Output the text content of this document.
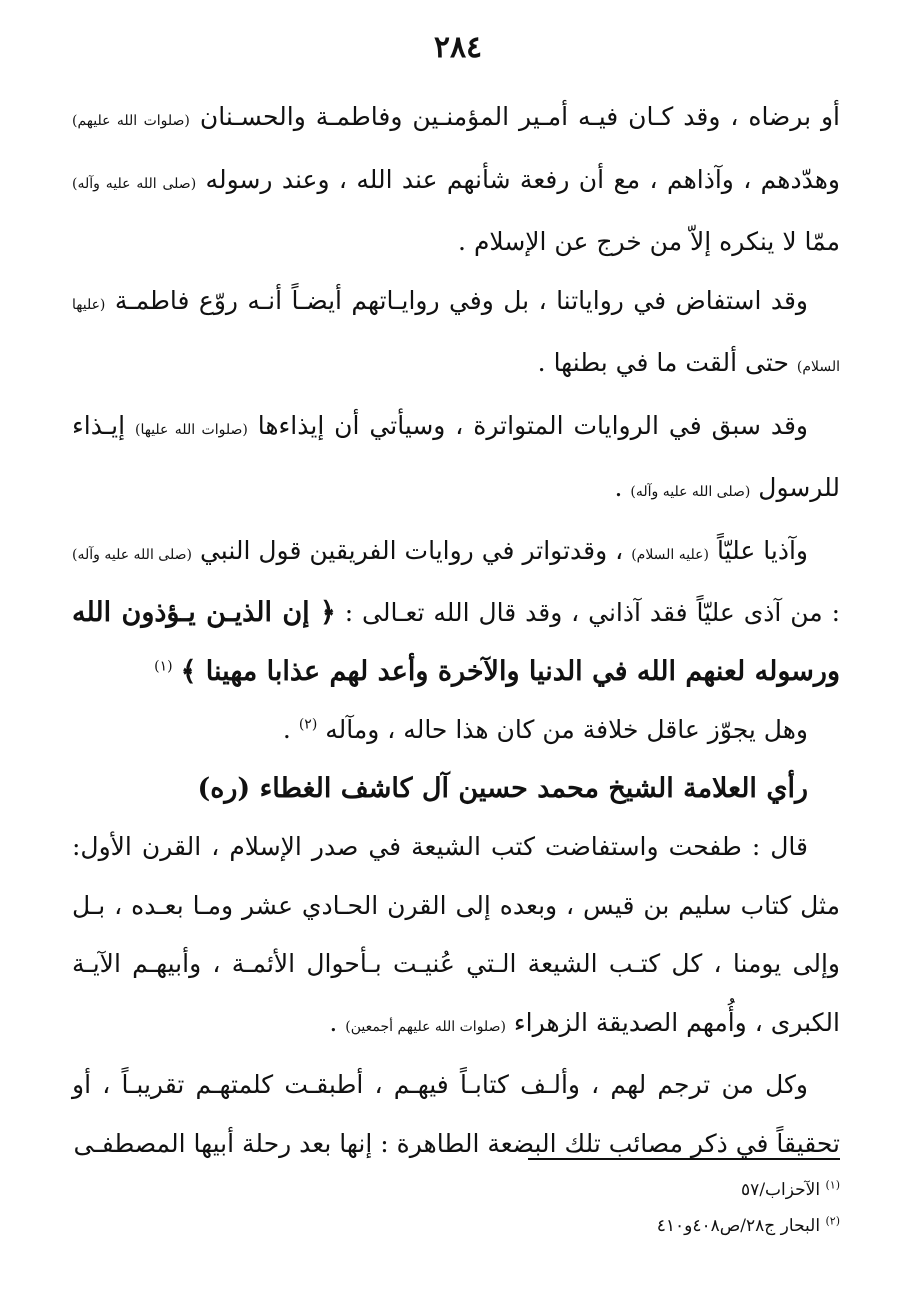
٢٨٤

أو برضاه ، وقد كـان فيـه أمـير المؤمنـين وفاطمـة والحسـنان (صلوات الله عليهم) وهدّدهم ، وآذاهم ، مع أن رفعة شأنهم عند الله ، وعند رسوله (صلى الله عليه وآله) ممّا لا ينكره إلاّ من خرج عن الإسلام .

وقد استفاض في رواياتنا ، بل وفي روايـاتهم أيضـاً أنـه روّع فاطمـة (عليها السلام) حتى ألقت ما في بطنها .

وقد سبق في الروايات المتواترة ، وسيأتي أن إيذاءها (صلوات الله عليها) إيـذاء للرسول (صلى الله عليه وآله) .

وآذيا عليّاً (عليه السلام) ، وقدتواتر في روايات الفريقين قول النبي (صلى الله عليه وآله) : من آذى عليّاً فقد آذاني ، وقد قال الله تعـالى : ﴿ إن الذيـن يـؤذون الله ورسوله لعنهم الله في الدنيا والآخرة وأعد لهم عذابا مهينا ﴾ $^{(١)}$

وهل يجوّز عاقل خلافة من كان هذا حاله ، ومآله $^{(٢)}$ .

رأي العلامة الشيخ محمد حسين آل كاشف الغطاء (ره)

قال : طفحت واستفاضت كتب الشيعة في صدر الإسلام ، القرن الأول: مثل كتاب سليم بن قيس ، وبعده إلى القرن الحـادي عشر ومـا بعـده ، بـل وإلى يومنا ، كل كتـب الشيعة الـتي عُنيـت بـأحوال الأئمـة ، وأبيهـم الآيـة الكبرى ، وأُمهم الصديقة الزهراء (صلوات الله عليهم أجمعين) .

وكل من ترجم لهم ، وألـف كتابـاً فيهـم ، أطبقـت كلمتهـم تقريبـاً ، أو تحقيقاً في ذكر مصائب تلك البضعة الطاهرة : إنها بعد رحلة أبيها المصطفـى

$^{(١)}$ الآحزاب/٥٧

$^{(٢)}$ البحار ج٢٨/ص٤٠٨و٤١٠
